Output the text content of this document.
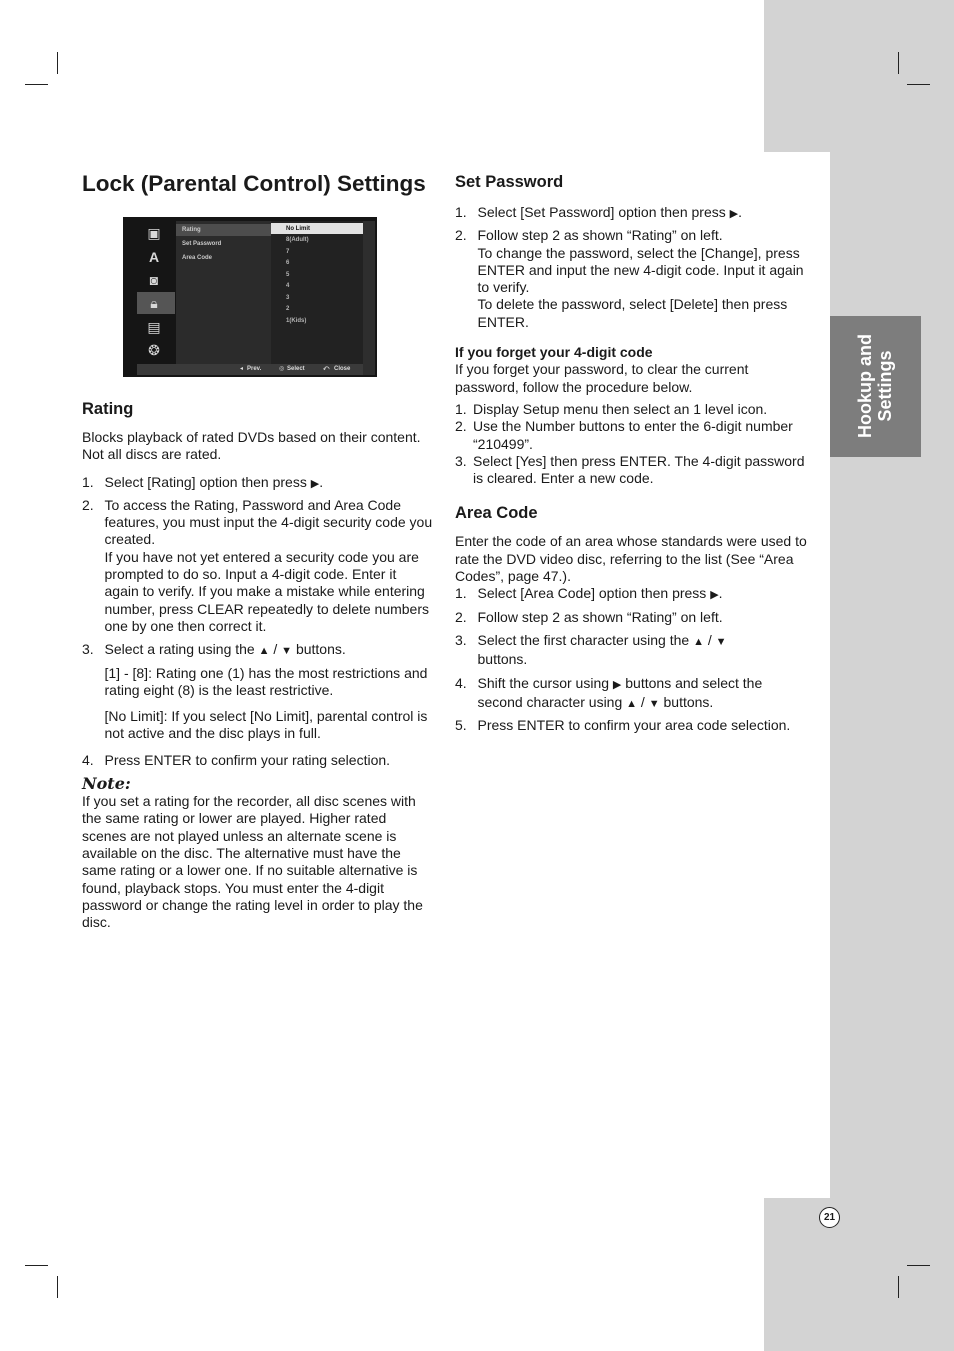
Hookup and Settings
21
Lock (Parental Control) Settings
▣
A
◙
🔒︎
▤
❂
Rating
Set Password
Area Code
No Limit
8(Adult)
7
6
5
4
3
2
1(Kids)
◂ Prev.	◎ Select	⤺ Close
Rating

Blocks playback of rated DVDs based on their content. Not all discs are rated.

1. Select [Rating] option then press ▶.
2. To access the Rating, Password and Area Code features, you must input the 4-digit security code you created.
If you have not yet entered a security code you are prompted to do so. Input a 4-digit code. Enter it again to verify. If you make a mistake while entering number, press CLEAR repeatedly to delete numbers one by one then correct it.
3. Select a rating using the ▲ / ▼ buttons.
[1] - [8]: Rating one (1) has the most restrictions and rating eight (8) is the least restrictive.
[No Limit]: If you select [No Limit], parental control is not active and the disc plays in full.
4. Press ENTER to confirm your rating selection.
Note:

If you set a rating for the recorder, all disc scenes with the same rating or lower are played. Higher rated scenes are not played unless an alternate scene is available on the disc. The alternative must have the same rating or a lower one. If no suitable alternative is found, playback stops. You must enter the 4-digit password or change the rating level in order to play the disc.

Set Password
1. Select [Set Password] option then press ▶.
2. Follow step 2 as shown “Rating” on left.
To change the password, select the [Change], press ENTER and input the new 4-digit code. Input it again to verify.
To delete the password, select [Delete] then press ENTER.

If you forget your 4-digit code

If you forget your password, to clear the current password, follow the procedure below.

1. Display Setup menu then select an 1 level icon.
2. Use the Number buttons to enter the 6-digit number “210499”.
3. Select [Yes] then press ENTER. The 4-digit password is cleared. Enter a new code.
Area Code

Enter the code of an area whose standards were used to rate the DVD video disc, referring to the list (See “Area Codes”, page 47.).

1. Select [Area Code] option then press ▶.
2. Follow step 2 as shown “Rating” on left.
3. Select the first character using the ▲ / ▼
buttons.
4. Shift the cursor using ▶ buttons and select the second character using ▲ / ▼ buttons.
5. Press ENTER to confirm your area code selection.
